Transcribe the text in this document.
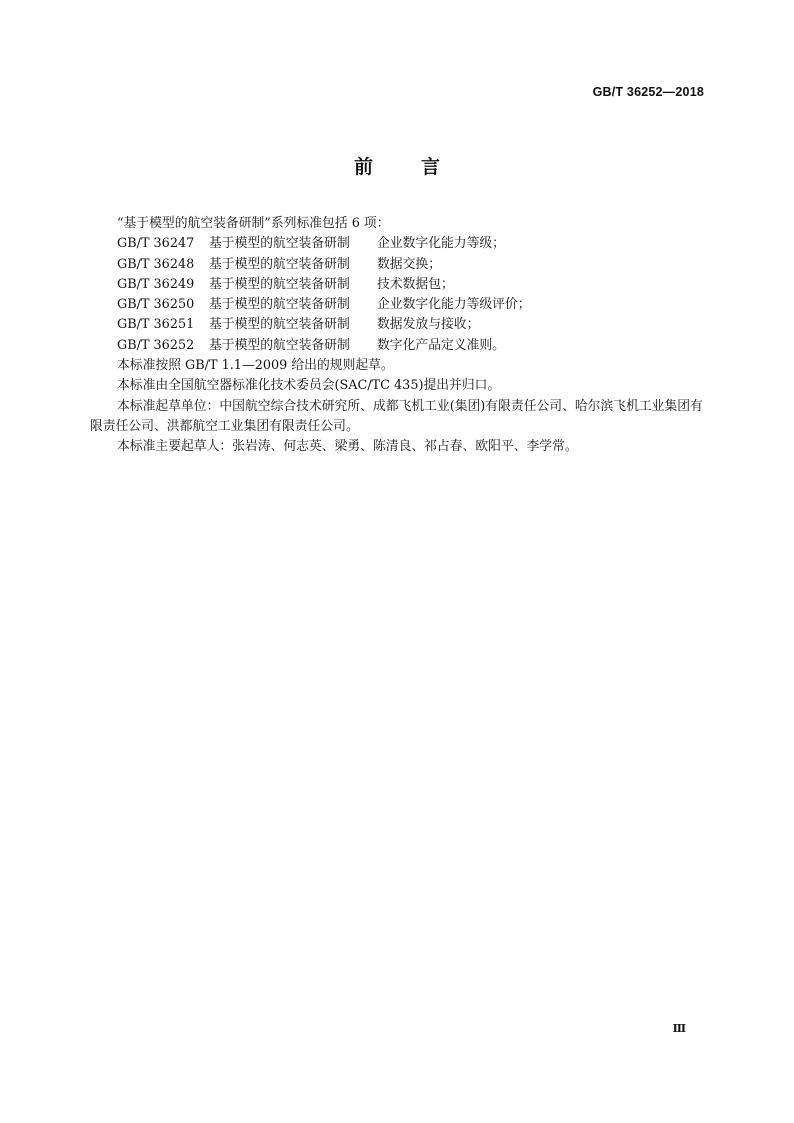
GB/T 36252—2018
前言

“基于模型的航空装备研制”系列标准包括 6 项：

GB/T 36247 基于模型的航空装备研制 企业数字化能力等级；
GB/T 36248 基于模型的航空装备研制 数据交换；
GB/T 36249 基于模型的航空装备研制 技术数据包；
GB/T 36250 基于模型的航空装备研制 企业数字化能力等级评价；
GB/T 36251 基于模型的航空装备研制 数据发放与接收；
GB/T 36252 基于模型的航空装备研制 数字化产品定义准则。

本标准按照 GB/T 1.1—2009 给出的规则起草。

本标准由全国航空器标准化技术委员会(SAC/TC 435)提出并归口。

本标准起草单位：中国航空综合技术研究所、成都飞机工业(集团)有限责任公司、哈尔滨飞机工业集团有限责任公司、洪都航空工业集团有限责任公司。

本标准主要起草人：张岩涛、何志英、梁勇、陈清良、祁占春、欧阳平、李学常。

Ⅲ
